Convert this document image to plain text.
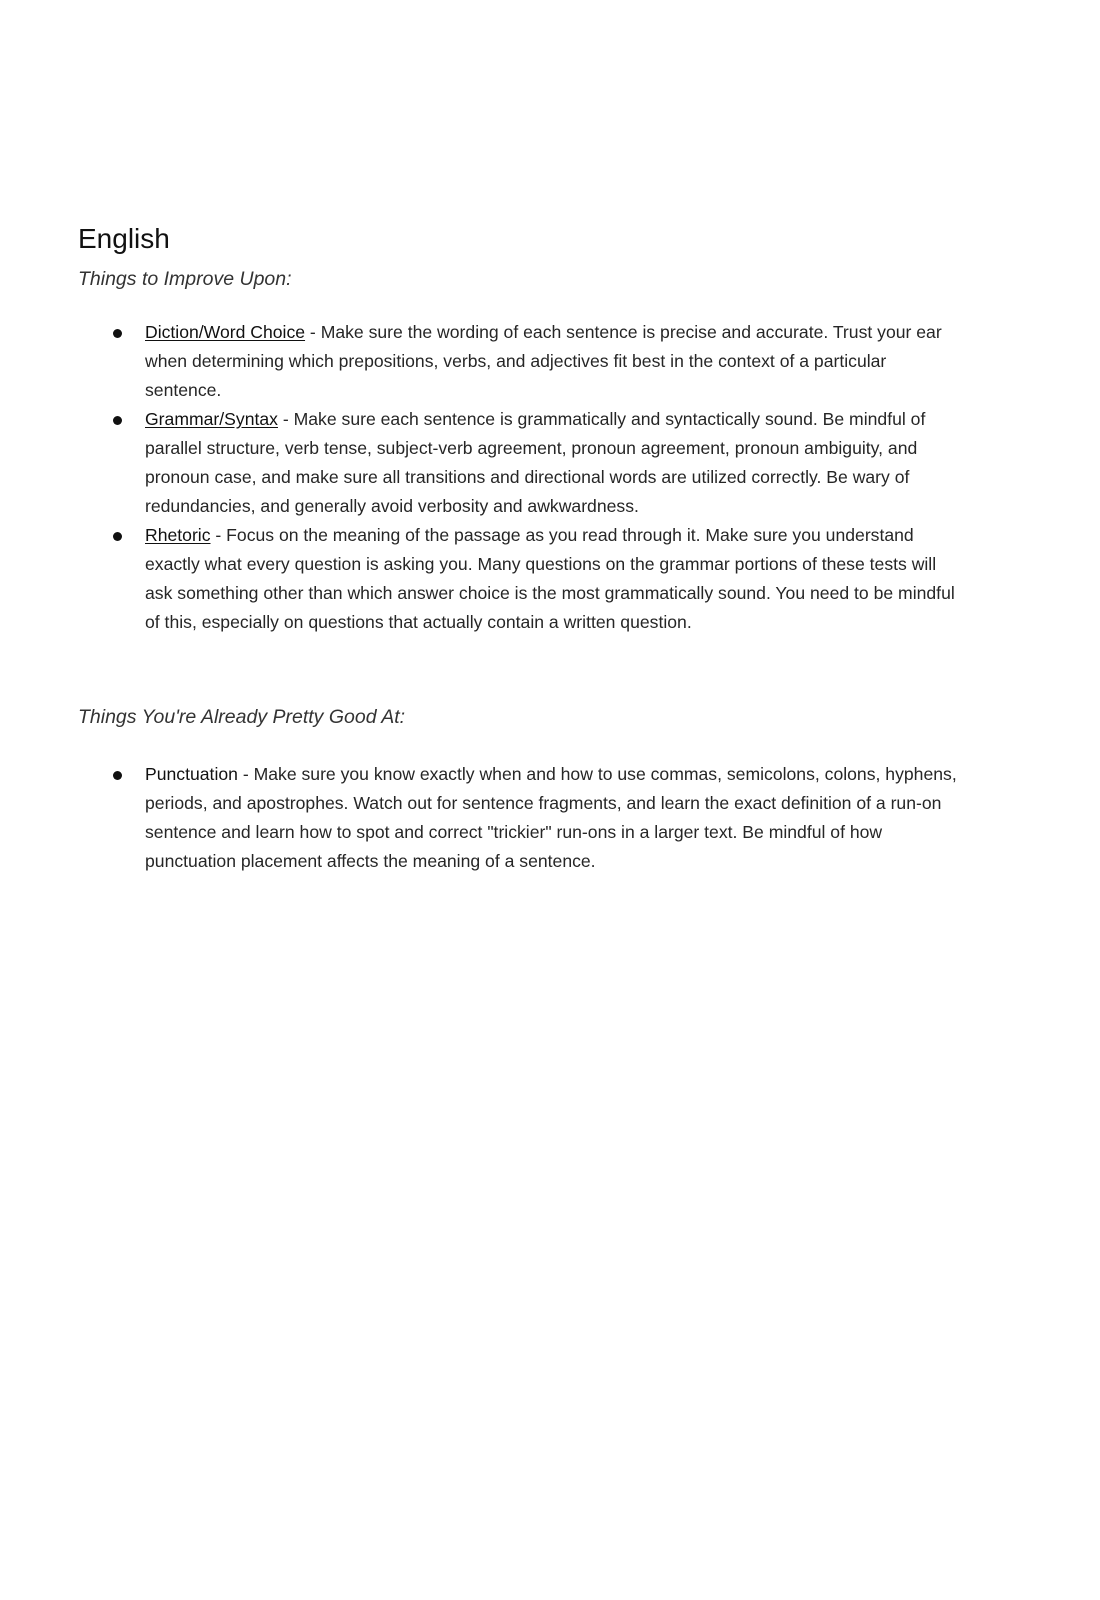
English

Things to Improve Upon:

Diction/Word Choice - Make sure the wording of each sentence is precise and accurate. Trust your ear when determining which prepositions, verbs, and adjectives fit best in the context of a particular sentence.
Grammar/Syntax - Make sure each sentence is grammatically and syntactically sound. Be mindful of parallel structure, verb tense, subject-verb agreement, pronoun agreement, pronoun ambiguity, and pronoun case, and make sure all transitions and directional words are utilized correctly. Be wary of redundancies, and generally avoid verbosity and awkwardness.
Rhetoric - Focus on the meaning of the passage as you read through it. Make sure you understand exactly what every question is asking you. Many questions on the grammar portions of these tests will ask something other than which answer choice is the most grammatically sound. You need to be mindful of this, especially on questions that actually contain a written question.

Things You're Already Pretty Good At:

Punctuation - Make sure you know exactly when and how to use commas, semicolons, colons, hyphens, periods, and apostrophes. Watch out for sentence fragments, and learn the exact definition of a run-on sentence and learn how to spot and correct "trickier" run-ons in a larger text. Be mindful of how punctuation placement affects the meaning of a sentence.
